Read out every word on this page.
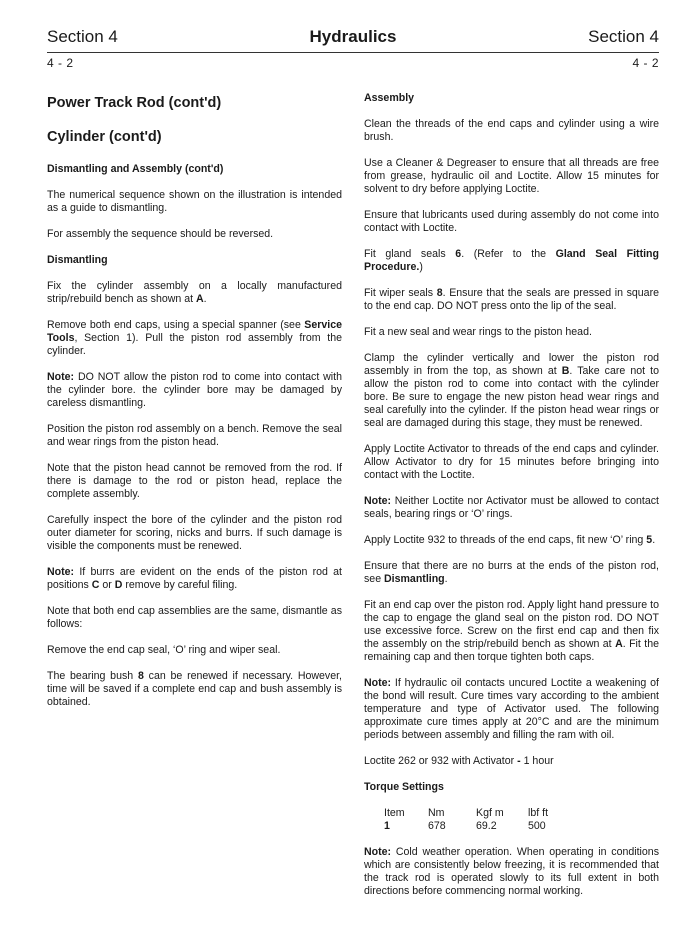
Section 4	Hydraulics	Section 4
4 - 2	4 - 2
Power Track Rod (cont'd)
Cylinder (cont'd)
Dismantling and Assembly (cont'd)

The numerical sequence shown on the illustration is intended as a guide to dismantling.

For assembly the sequence should be reversed.

Dismantling

Fix the cylinder assembly on a locally manufactured strip/rebuild bench as shown at A.

Remove both end caps, using a special spanner (see Service Tools, Section 1). Pull the piston rod assembly from the cylinder.

Note: DO NOT allow the piston rod to come into contact with the cylinder bore. the cylinder bore may be damaged by careless dismantling.

Position the piston rod assembly on a bench. Remove the seal and wear rings from the piston head.

Note that the piston head cannot be removed from the rod. If there is damage to the rod or piston head, replace the complete assembly.

Carefully inspect the bore of the cylinder and the piston rod outer diameter for scoring, nicks and burrs. If such damage is visible the components must be renewed.

Note: If burrs are evident on the ends of the piston rod at positions C or D remove by careful filing.

Note that both end cap assemblies are the same, dismantle as follows:

Remove the end cap seal, ‘O’ ring and wiper seal.

The bearing bush 8 can be renewed if necessary. However, time will be saved if a complete end cap and bush assembly is obtained.

Assembly

Clean the threads of the end caps and cylinder using a wire brush.

Use a Cleaner & Degreaser to ensure that all threads are free from grease, hydraulic oil and Loctite. Allow 15 minutes for solvent to dry before applying Loctite.

Ensure that lubricants used during assembly do not come into contact with Loctite.

Fit gland seals 6. (Refer to the Gland Seal Fitting Procedure.)

Fit wiper seals 8. Ensure that the seals are pressed in square to the end cap. DO NOT press onto the lip of the seal.

Fit a new seal and wear rings to the piston head.

Clamp the cylinder vertically and lower the piston rod assembly in from the top, as shown at B. Take care not to allow the piston rod to come into contact with the cylinder bore. Be sure to engage the new piston head wear rings and seal carefully into the cylinder. If the piston head wear rings or seal are damaged during this stage, they must be renewed.

Apply Loctite Activator to threads of the end caps and cylinder. Allow Activator to dry for 15 minutes before bringing into contact with the Loctite.

Note: Neither Loctite nor Activator must be allowed to contact seals, bearing rings or ‘O’ rings.

Apply Loctite 932 to threads of the end caps, fit new ‘O’ ring 5.

Ensure that there are no burrs at the ends of the piston rod, see Dismantling.

Fit an end cap over the piston rod. Apply light hand pressure to the cap to engage the gland seal on the piston rod. DO NOT use excessive force. Screw on the first end cap and then fix the assembly on the strip/rebuild bench as shown at A. Fit the remaining cap and then torque tighten both caps.

Note: If hydraulic oil contacts uncured Loctite a weakening of the bond will result. Cure times vary according to the ambient temperature and type of Activator used. The following approximate cure times apply at 20°C and are the minimum periods between assembly and filling the ram with oil.

Loctite 262 or 932 with Activator - 1 hour

Torque Settings
Item	Nm	Kgf m	lbf ft
1	678	69.2	500

Note: Cold weather operation. When operating in conditions which are consistently below freezing, it is recommended that the track rod is operated slowly to its full extent in both directions before commencing normal working.
